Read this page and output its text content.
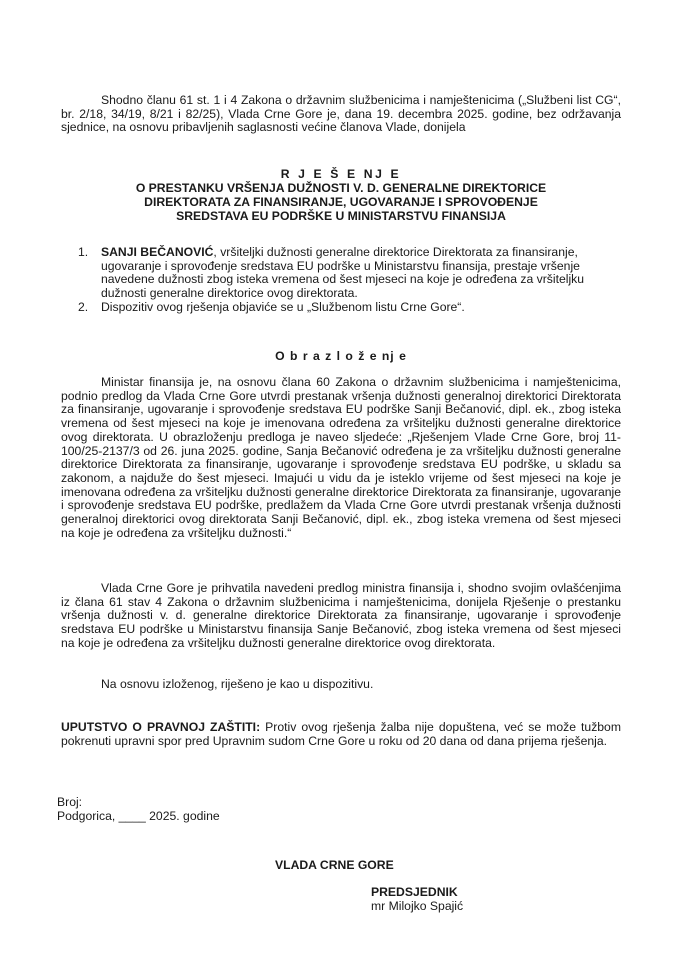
Shodno članu 61 st. 1 i 4 Zakona o državnim službenicima i namještenicima („Službeni list CG“, br. 2/18, 34/19, 8/21 i 82/25), Vlada Crne Gore je, dana 19. decembra 2025. godine, bez održavanja sjednice, na osnovu pribavljenih saglasnosti većine članova Vlade, donijela

R J E Š E NJ E

O PRESTANKU VRŠENJA DUŽNOSTI V. D. GENERALNE DIREKTORICE

DIREKTORATA ZA FINANSIRANJE, UGOVARANJE I SPROVOĐENJE

SREDSTAVA EU PODRŠKE U MINISTARSTVU FINANSIJA

1. SANJI BEČANOVIĆ, vršiteljki dužnosti generalne direktorice Direktorata za finansiranje, ugovaranje i sprovođenje sredstava EU podrške u Ministarstvu finansija, prestaje vršenje navedene dužnosti zbog isteka vremena od šest mjeseci na koje je određena za vršiteljku dužnosti generalne direktorice ovog direktorata.
2. Dispozitiv ovog rješenja objaviće se u „Službenom listu Crne Gore“.

O b r a z l o ž e nj e

Ministar finansija je, na osnovu člana 60 Zakona o državnim službenicima i namještenicima, podnio predlog da Vlada Crne Gore utvrdi prestanak vršenja dužnosti generalnoj direktorici Direktorata za finansiranje, ugovaranje i sprovođenje sredstava EU podrške Sanji Bečanović, dipl. ek., zbog isteka vremena od šest mjeseci na koje je imenovana određena za vršiteljku dužnosti generalne direktorice ovog direktorata. U obrazloženju predloga je naveo sljedeće: „Rješenjem Vlade Crne Gore, broj 11-100/25-2137/3 od 26. juna 2025. godine, Sanja Bečanović određena je za vršiteljku dužnosti generalne direktorice Direktorata za finansiranje, ugovaranje i sprovođenje sredstava EU podrške, u skladu sa zakonom, a najduže do šest mjeseci. Imajući u vidu da je isteklo vrijeme od šest mjeseci na koje je imenovana određena za vršiteljku dužnosti generalne direktorice Direktorata za finansiranje, ugovaranje i sprovođenje sredstava EU podrške, predlažem da Vlada Crne Gore utvrdi prestanak vršenja dužnosti generalnoj direktorici ovog direktorata Sanji Bečanović, dipl. ek., zbog isteka vremena od šest mjeseci na koje je određena za vršiteljku dužnosti.“

Vlada Crne Gore je prihvatila navedeni predlog ministra finansija i, shodno svojim ovlašćenjima iz člana 61 stav 4 Zakona o državnim službenicima i namještenicima, donijela Rješenje o prestanku vršenja dužnosti v. d. generalne direktorice Direktorata za finansiranje, ugovaranje i sprovođenje sredstava EU podrške u Ministarstvu finansija Sanje Bečanović, zbog isteka vremena od šest mjeseci na koje je određena za vršiteljku dužnosti generalne direktorice ovog direktorata.

Na osnovu izloženog, riješeno je kao u dispozitivu.

UPUTSTVO O PRAVNOJ ZAŠTITI: Protiv ovog rješenja žalba nije dopuštena, već se može tužbom pokrenuti upravni spor pred Upravnim sudom Crne Gore u roku od 20 dana od dana prijema rješenja.

Broj:

Podgorica, ____ 2025. godine

VLADA CRNE GORE

PREDSJEDNIK

mr Milojko Spajić
